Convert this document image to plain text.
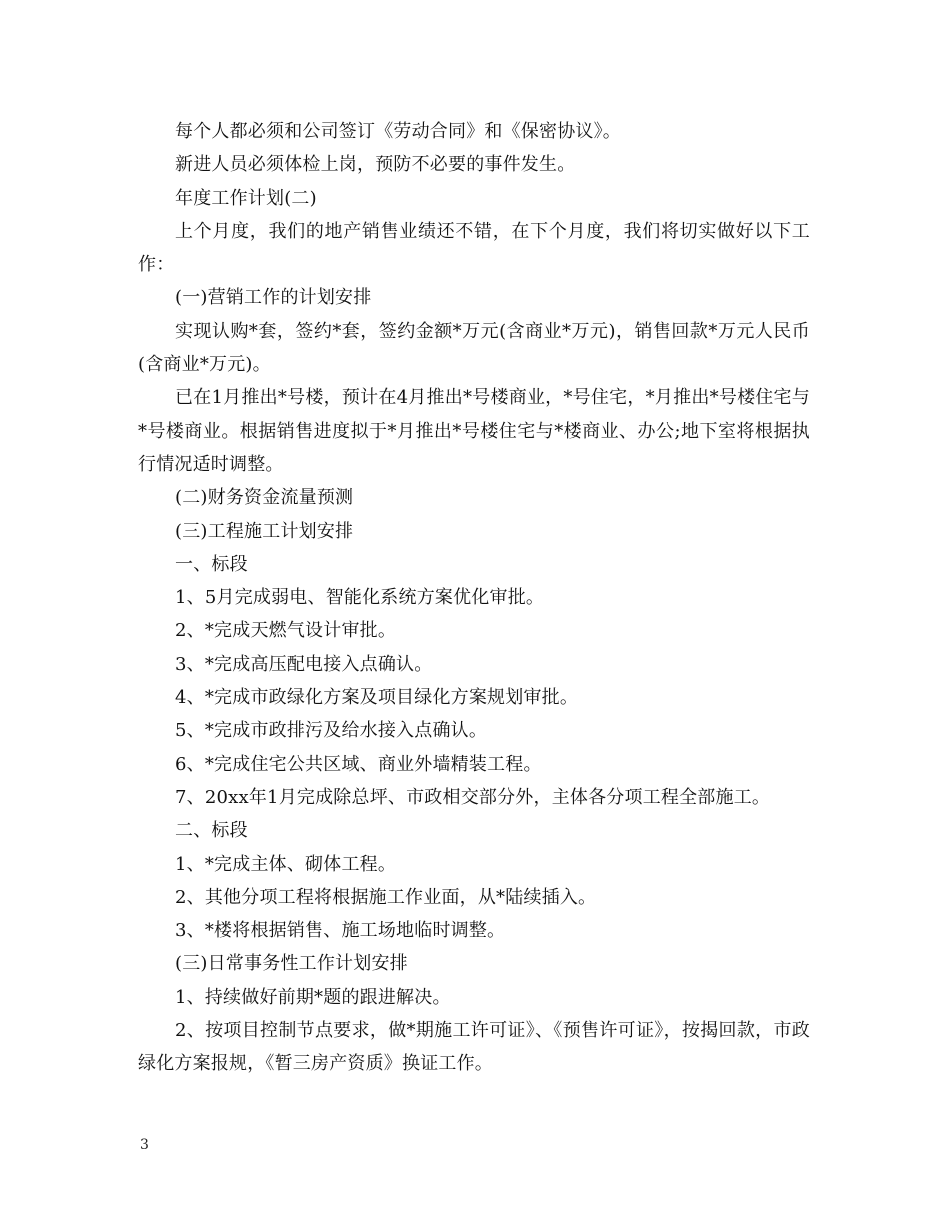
每个人都必须和公司签订《劳动合同》和《保密协议》。

新进人员必须体检上岗，预防不必要的事件发生。

年度工作计划(二)

上个月度，我们的地产销售业绩还不错，在下个月度，我们将切实做好以下工作：

(一)营销工作的计划安排

实现认购*套，签约*套，签约金额*万元(含商业*万元)，销售回款*万元人民币(含商业*万元)。

已在1月推出*号楼，预计在4月推出*号楼商业，*号住宅，*月推出*号楼住宅与*号楼商业。根据销售进度拟于*月推出*号楼住宅与*楼商业、办公;地下室将根据执行情况适时调整。

(二)财务资金流量预测

(三)工程施工计划安排

一、标段

1、5月完成弱电、智能化系统方案优化审批。

2、*完成天燃气设计审批。

3、*完成高压配电接入点确认。

4、*完成市政绿化方案及项目绿化方案规划审批。

5、*完成市政排污及给水接入点确认。

6、*完成住宅公共区域、商业外墙精装工程。

7、20xx年1月完成除总坪、市政相交部分外，主体各分项工程全部施工。

二、标段

1、*完成主体、砌体工程。

2、其他分项工程将根据施工作业面，从*陆续插入。

3、*楼将根据销售、施工场地临时调整。

(三)日常事务性工作计划安排

1、持续做好前期*题的跟进解决。

2、按项目控制节点要求，做*期施工许可证》、《预售许可证》，按揭回款，市政绿化方案报规，《暂三房产资质》换证工作。

3
